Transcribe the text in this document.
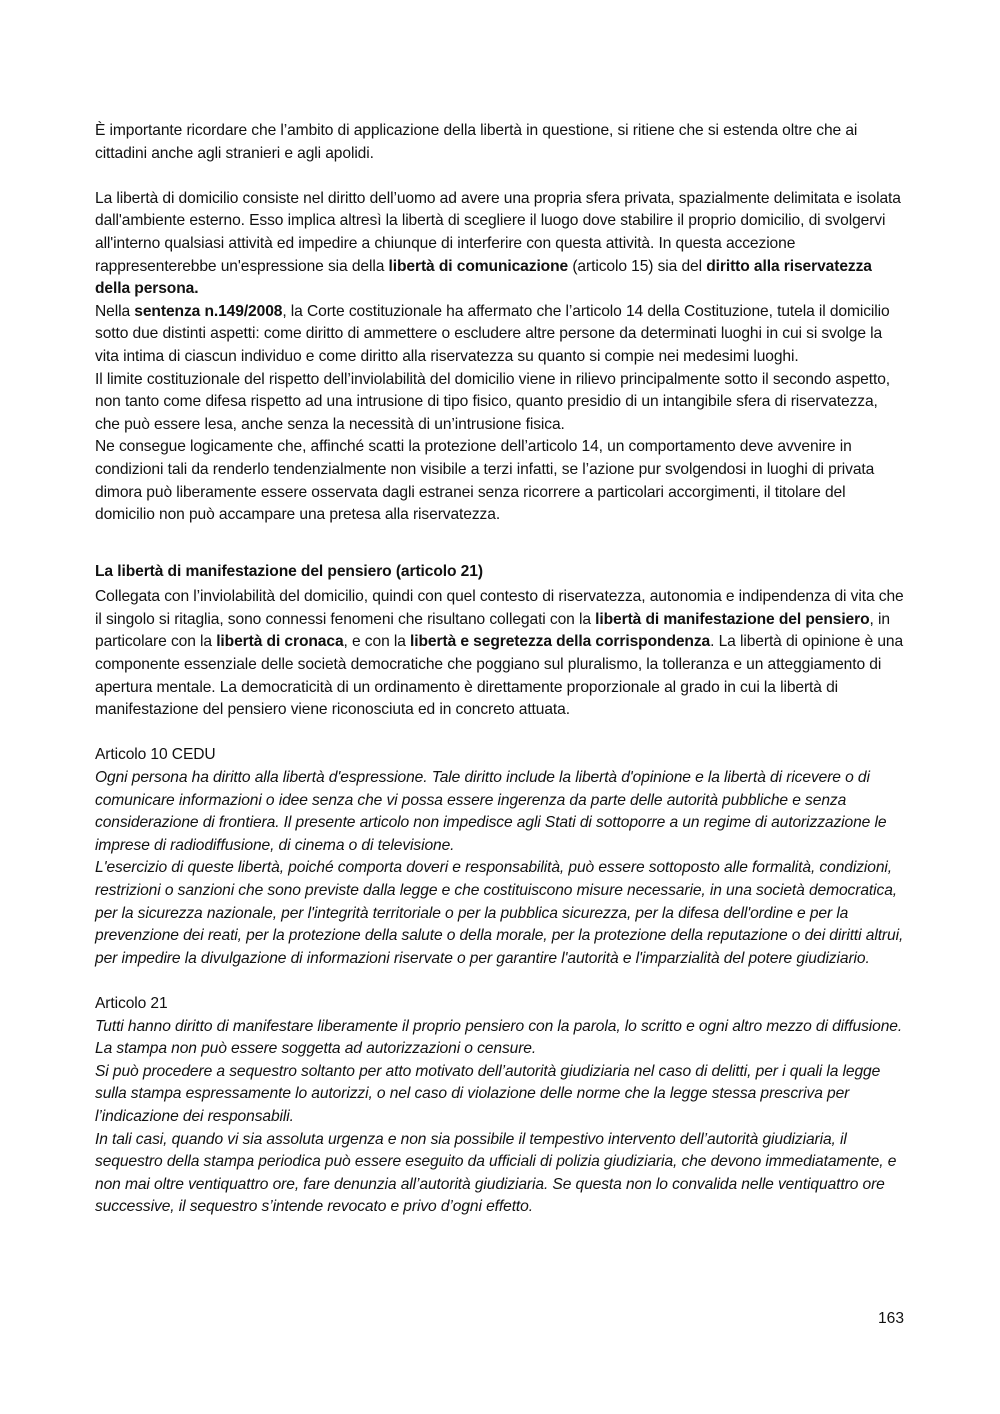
È importante ricordare che l’ambito di applicazione della libertà in questione, si ritiene che si estenda oltre che ai cittadini anche agli stranieri e agli apolidi.

La libertà di domicilio consiste nel diritto dell’uomo ad avere una propria sfera privata, spazialmente delimitata e isolata dall'ambiente esterno. Esso implica altresì la libertà di scegliere il luogo dove stabilire il proprio domicilio, di svolgervi all'interno qualsiasi attività ed impedire a chiunque di interferire con questa attività. In questa accezione rappresenterebbe un'espressione sia della libertà di comunicazione (articolo 15) sia del diritto alla riservatezza della persona.

Nella sentenza n.149/2008, la Corte costituzionale ha affermato che l’articolo 14 della Costituzione, tutela il domicilio sotto due distinti aspetti: come diritto di ammettere o escludere altre persone da determinati luoghi in cui si svolge la vita intima di ciascun individuo e come diritto alla riservatezza su quanto si compie nei medesimi luoghi.

Il limite costituzionale del rispetto dell’inviolabilità del domicilio viene in rilievo principalmente sotto il secondo aspetto, non tanto come difesa rispetto ad una intrusione di tipo fisico, quanto presidio di un intangibile sfera di riservatezza, che può essere lesa, anche senza la necessità di un’intrusione fisica.

Ne consegue logicamente che, affinché scatti la protezione dell’articolo 14, un comportamento deve avvenire in condizioni tali da renderlo tendenzialmente non visibile a terzi infatti, se l’azione pur svolgendosi in luoghi di privata dimora può liberamente essere osservata dagli estranei senza ricorrere a particolari accorgimenti, il titolare del domicilio non può accampare una pretesa alla riservatezza.

La libertà di manifestazione del pensiero (articolo 21)

Collegata con l’inviolabilità del domicilio, quindi con quel contesto di riservatezza, autonomia e indipendenza di vita che il singolo si ritaglia, sono connessi fenomeni che risultano collegati con la libertà di manifestazione del pensiero, in particolare con la libertà di cronaca, e con la libertà e segretezza della corrispondenza. La libertà di opinione è una componente essenziale delle società democratiche che poggiano sul pluralismo, la tolleranza e un atteggiamento di apertura mentale. La democraticità di un ordinamento è direttamente proporzionale al grado in cui la libertà di manifestazione del pensiero viene riconosciuta ed in concreto attuata.

Articolo 10 CEDU

Ogni persona ha diritto alla libertà d'espressione. Tale diritto include la libertà d'opinione e la libertà di ricevere o di comunicare informazioni o idee senza che vi possa essere ingerenza da parte delle autorità pubbliche e senza considerazione di frontiera. Il presente articolo non impedisce agli Stati di sottoporre a un regime di autorizzazione le imprese di radiodiffusione, di cinema o di televisione.

L'esercizio di queste libertà, poiché comporta doveri e responsabilità, può essere sottoposto alle formalità, condizioni, restrizioni o sanzioni che sono previste dalla legge e che costituiscono misure necessarie, in una società democratica, per la sicurezza nazionale, per l'integrità territoriale o per la pubblica sicurezza, per la difesa dell'ordine e per la prevenzione dei reati, per la protezione della salute o della morale, per la protezione della reputazione o dei diritti altrui, per impedire la divulgazione di informazioni riservate o per garantire l'autorità e l'imparzialità del potere giudiziario.

Articolo 21

Tutti hanno diritto di manifestare liberamente il proprio pensiero con la parola, lo scritto e ogni altro mezzo di diffusione.

La stampa non può essere soggetta ad autorizzazioni o censure.

Si può procedere a sequestro soltanto per atto motivato dell’autorità giudiziaria nel caso di delitti, per i quali la legge sulla stampa espressamente lo autorizzi, o nel caso di violazione delle norme che la legge stessa prescriva per l’indicazione dei responsabili.

In tali casi, quando vi sia assoluta urgenza e non sia possibile il tempestivo intervento dell’autorità giudiziaria, il sequestro della stampa periodica può essere eseguito da ufficiali di polizia giudiziaria, che devono immediatamente, e non mai oltre ventiquattro ore, fare denunzia all’autorità giudiziaria. Se questa non lo convalida nelle ventiquattro ore successive, il sequestro s’intende revocato e privo d’ogni effetto.

163
